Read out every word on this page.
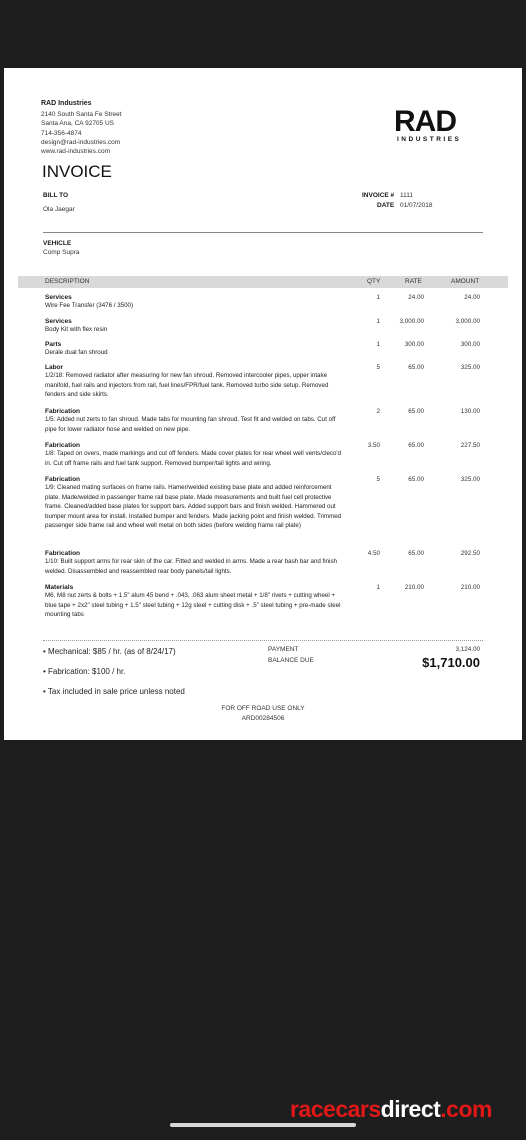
RAD Industries
2140 South Santa Fe Street
Santa Ana, CA 92705 US
714-356-4874
design@rad-industries.com
www.rad-industries.com
RAD
INDUSTRIES
INVOICE
BILL TO
Ola Jaegar
INVOICE # 1111
DATE 01/07/2018
VEHICLE
Comp Supra
DESCRIPTION	QTY	RATE	AMOUNT
Services
Wire Fee Transfer (3476 / 3500)
1	24.00	24.00
Services
Body Kit with flex resin
1	3,000.00	3,000.00
Parts
Derale dual fan shroud
1	300.00	300.00
Labor
1/2/18: Removed radiator after measuring for new fan shroud. Removed intercooler pipes, upper intake manifold, fuel rails and injectors from rail, fuel lines/FPR/fuel tank. Removed turbo side setup. Removed fenders and side skirts.
5	65.00	325.00
Fabrication
1/5: Added nut zerts to fan shroud. Made tabs for mounting fan shroud. Test fit and welded on tabs. Cut off pipe for lower radiator hose and welded on new pipe.
2	65.00	130.00
Fabrication
1/8: Taped on overs, made markings and cut off fenders. Made cover plates for rear wheel well vents/cleco'd in. Cut off frame rails and fuel tank support. Removed bumper/tail lights and wiring.
3.50	65.00	227.50
Fabrication
1/9: Cleaned mating surfaces on frame rails. Hamer/welded existing base plate and added reinforcement plate. Made/welded in passenger frame rail base plate. Made measurements and built fuel cell protective frame. Cleaned/added base plates for support bars. Added support bars and finish welded. Hammered out bumper mount area for install. Installed bumper and fenders. Made jacking point and finish welded. Trimmed passenger side frame rail and wheel well metal on both sides (before welding frame rail plate)
5	65.00	325.00
Fabrication
1/10: Built support arms for rear skin of the car. Fitted and welded in arms. Made a rear bash bar and finish welded. Disassembled and reassembled rear body panels/tail lights.
4.50	65.00	292.50
Materials
M6, M8 nut zerts & bolts + 1.5" alum 45 bend + .043, .063 alum sheet metal + 1/8" rivets + cutting wheel + blue tape + 2x2" steel tubing + 1.5" steel tubing + 12g steel + cutting disk + .5" steel tubing + pre-made steel mounting tabs
1	210.00	210.00
• Mechanical: $85 / hr. (as of 8/24/17)
• Fabrication: $100 / hr.
• Tax included in sale price unless noted
PAYMENT	3,124.00
BALANCE DUE	$1,710.00
FOR OFF ROAD USE ONLY
ARD00284506
racecarsdirect.com
